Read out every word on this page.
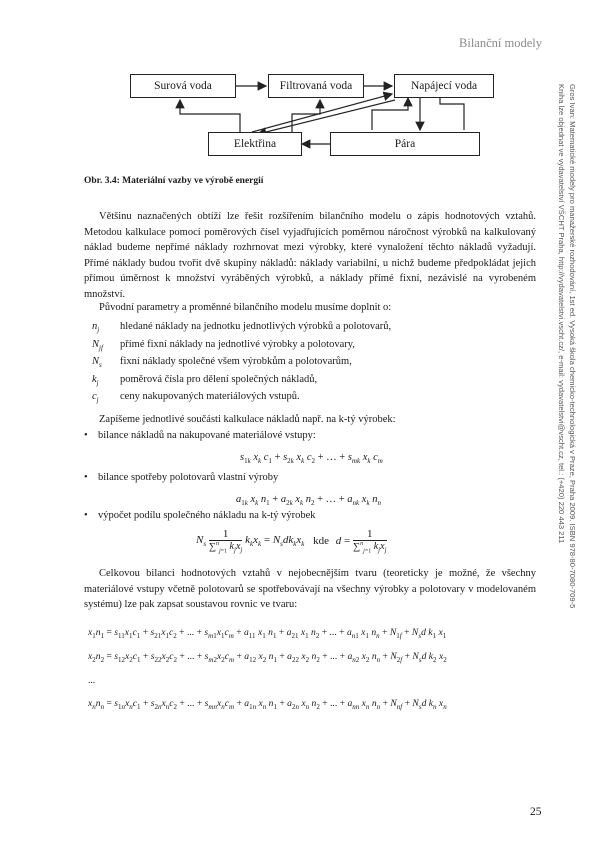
Bilanční modely
Gros Ivan: Matematické modely pro manažerské rozhodování, 1st ed. Vysoká škola chemicko-technologická v Praze, Praha 2009. ISBN 978-80-7080-709-5
Kniha lze objednat ve vydavatelství VŠCHT Praha, http://vydavatelstvi.vscht.cz/, e-mail: vydavatelstvi@vscht.cz, tel.: (+420) 220 443 211
Surová voda	Filtrovaná voda	Napájecí voda
Elektřina	Pára
Obr. 3.4: Materiální vazby ve výrobě energií

Většinu naznačených obtíží lze řešit rozšířením bilančního modelu o zápis hodnotových vztahů. Metodou kalkulace pomocí poměrových čísel vyjadřujících poměrnou náročnost výrobků na kalkulovaný náklad budeme nepřímé náklady rozhrnovat mezi výrobky, které vynaložení těchto nákladů vyžadují. Přímé náklady budou tvořit dvě skupiny nákladů: náklady variabilní, u nichž budeme předpokládat jejich přímou úměrnost k množství vyráběných výrobků, a náklady přímé fixní, nezávislé na vyrobeném množství.

Původní parametry a proměnné bilančního modelu musíme doplnit o:

$n_j$ hledané náklady na jednotku jednotlivých výrobků a polotovarů,
$N_{jf}$ přímé fixní náklady na jednotlivé výrobky a polotovary,
$N_s$ fixní náklady společné všem výrobkům a polotovarům,
$k_j$ poměrová čísla pro dělení společných nákladů,
$c_j$ ceny nakupovaných materiálových vstupů.

Zapíšeme jednotlivé součásti kalkulace nákladů např. na k-tý výrobek:

• bilance nákladů na nakupované materiálové vstupy:
$s_{1k}$ $x_k$ $c_1 + s_{2k}$ $x_k$ $c_2$ + … + $s_{mk}$ $x_k$ $c_m$
• bilance spotřeby polotovarů vlastní výroby
$a_{1k}$ $x_k$ $n_1 + a_{2k}$ $x_k$ $n_2$ + … + $a_{nk}$ $x_k$ $n_n$
• výpočet podílu společného nákladu na k-tý výrobek
$N_s$
1
∑$^n_{j=1}$ $k_jx_j$
$k_kx_k = N_sdk_kx_k$ kde d =
1
∑$^n_{j=1}$ $k_jx_j$

Celkovou bilanci hodnotových vztahů v nejobecnějším tvaru (teoreticky je možné, že všechny materiálové vstupy včetně polotovarů se spotřebovávají na všechny výrobky a polotovary v modelovaném systému) lze pak zapsat soustavou rovnic ve tvaru:

$x_1n_1 = s_{11}x_1c_1 + s_{21}x_1c_2$ + ... + $s_{m1}x_1c_m + a_{11}$ $x_1$ $n_1 + a_{21}$ $x_1$ $n_2$ + ... + $a_{n1}$ $x_1$ $n_n + N_{1f} + N_sd$ $k_1$ $x_1$
$x_2n_2 = s_{12}x_2c_1 + s_{22}x_2c_2$ + ... + $s_{m2}x_2c_m + a_{12}$ $x_2$ $n_1 + a_{22}$ $x_2$ $n_2$ + ... + $a_{n2}$ $x_2$ $n_n + N_{2f} + N_sd$ $k_2$ $x_2$
...
$x_nn_n = s_{1n}x_nc_1 + s_{2n}x_nc_2$ + ... + $s_{mn}x_nc_m + a_{1n}$ $x_n$ $n_1 + a_{2n}$ $x_n$ $n_2$ + ... + $a_{nn}$ $x_n$ $n_n + N_{nf} + N_sd$ $k_n$ $x_n$
25
